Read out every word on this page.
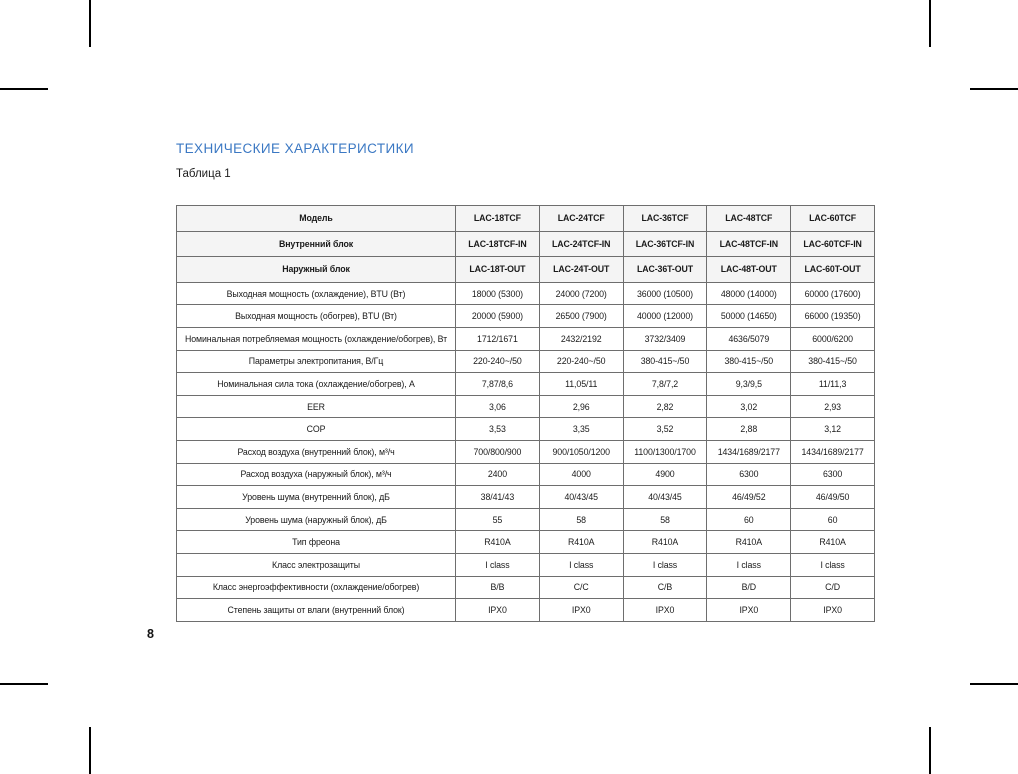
ТЕХНИЧЕСКИЕ ХАРАКТЕРИСТИКИ
Таблица 1
Модель	LAC-18TCF	LAC-24TCF	LAC-36TCF	LAC-48TCF	LAC-60TCF
Внутренний блок	LAC-18TCF-IN	LAC-24TCF-IN	LAC-36TCF-IN	LAC-48TCF-IN	LAC-60TCF-IN
Наружный блок	LAC-18T-OUT	LAC-24T-OUT	LAC-36T-OUT	LAC-48T-OUT	LAC-60T-OUT
Выходная мощность (охлаждение), BTU (Вт)	18000 (5300)	24000 (7200)	36000 (10500)	48000 (14000)	60000 (17600)
Выходная мощность (обогрев), BTU (Вт)	20000 (5900)	26500 (7900)	40000 (12000)	50000 (14650)	66000 (19350)
Номинальная потребляемая мощность (охлаждение/обогрев), Вт	1712/1671	2432/2192	3732/3409	4636/5079	6000/6200
Параметры электропитания, В/Гц	220-240~/50	220-240~/50	380-415~/50	380-415~/50	380-415~/50
Номинальная сила тока (охлаждение/обогрев), А	7,87/8,6	11,05/11	7,8/7,2	9,3/9,5	11/11,3
EER	3,06	2,96	2,82	3,02	2,93
COP	3,53	3,35	3,52	2,88	3,12
Расход воздуха (внутренний блок), м³/ч	700/800/900	900/1050/1200	1100/1300/1700	1434/1689/2177	1434/1689/2177
Расход воздуха (наружный блок), м³/ч	2400	4000	4900	6300	6300
Уровень шума (внутренний блок), дБ	38/41/43	40/43/45	40/43/45	46/49/52	46/49/50
Уровень шума (наружный блок), дБ	55	58	58	60	60
Тип фреона	R410A	R410A	R410A	R410A	R410A
Класс электрозащиты	I class	I class	I class	I class	I class
Класс энергоэффективности (охлаждение/обогрев)	B/B	C/C	C/B	B/D	C/D
Степень защиты от влаги (внутренний блок)	IPX0	IPX0	IPX0	IPX0	IPX0
8
